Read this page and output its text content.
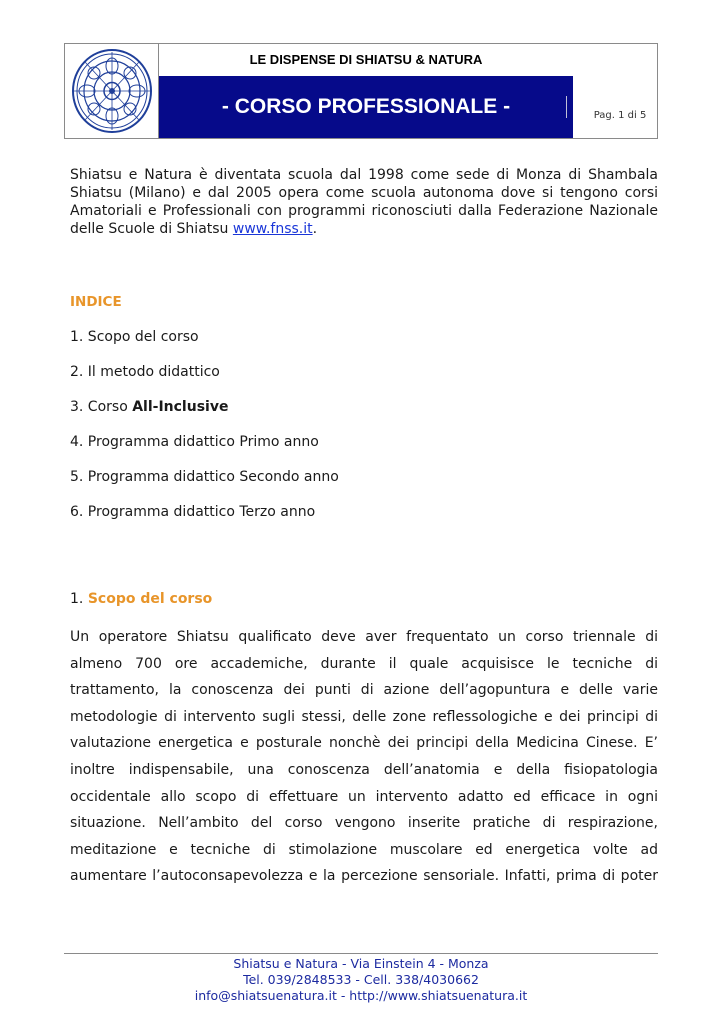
LE DISPENSE DI SHIATSU & NATURA
- CORSO PROFESSIONALE -	Pag. 1 di 5
Shiatsu e Natura è diventata scuola dal 1998 come sede di Monza di Shambala Shiatsu (Milano) e dal 2005 opera come scuola autonoma dove si tengono corsi Amatoriali e Professionali con programmi riconosciuti dalla Federazione Nazionale delle Scuole di Shiatsu www.fnss.it.
INDICE
1. Scopo del corso
2. Il metodo didattico
3. Corso All-Inclusive
4. Programma didattico Primo anno
5. Programma didattico Secondo anno
6. Programma didattico Terzo anno
1. Scopo del corso
Un operatore Shiatsu qualificato deve aver frequentato un corso triennale di almeno 700 ore accademiche, durante il quale acquisisce le tecniche di trattamento, la conoscenza dei punti di azione dell’agopuntura e delle varie metodologie di intervento sugli stessi, delle zone reflessologiche e dei principi di valutazione energetica e posturale nonchè dei principi della Medicina Cinese. E’ inoltre indispensabile, una conoscenza dell’anatomia e della fisiopatologia occidentale allo scopo di effettuare un intervento adatto ed efficace in ogni situazione. Nell’ambito del corso vengono inserite pratiche di respirazione, meditazione e tecniche di stimolazione muscolare ed energetica volte ad aumentare l’autoconsapevolezza e la percezione sensoriale. Infatti, prima di poter
Shiatsu e Natura - Via Einstein 4 - Monza
Tel. 039/2848533 - Cell. 338/4030662
info@shiatsuenatura.it - http://www.shiatsuenatura.it
